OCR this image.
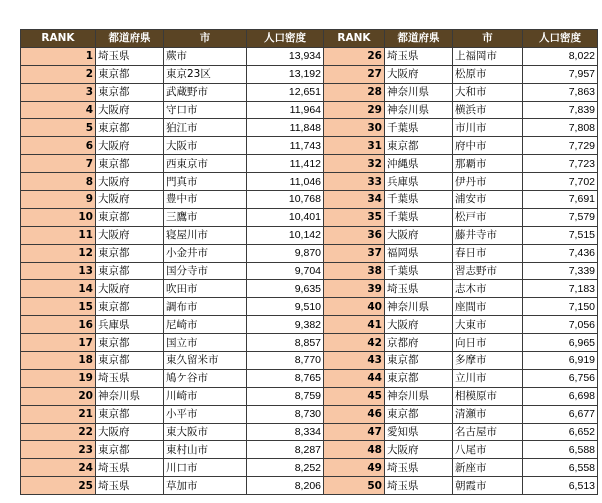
RANK	都道府県	市	人口密度	RANK	都道府県	市	人口密度
1	埼玉県	蕨市	13,934	26	埼玉県	上福岡市	8,022
2	東京都	東京23区	13,192	27	大阪府	松原市	7,957
3	東京都	武蔵野市	12,651	28	神奈川県	大和市	7,863
4	大阪府	守口市	11,964	29	神奈川県	横浜市	7,839
5	東京都	狛江市	11,848	30	千葉県	市川市	7,808
6	大阪府	大阪市	11,743	31	東京都	府中市	7,729
7	東京都	西東京市	11,412	32	沖縄県	那覇市	7,723
8	大阪府	門真市	11,046	33	兵庫県	伊丹市	7,702
9	大阪府	豊中市	10,768	34	千葉県	浦安市	7,691
10	東京都	三鷹市	10,401	35	千葉県	松戸市	7,579
11	大阪府	寝屋川市	10,142	36	大阪府	藤井寺市	7,515
12	東京都	小金井市	9,870	37	福岡県	春日市	7,436
13	東京都	国分寺市	9,704	38	千葉県	習志野市	7,339
14	大阪府	吹田市	9,635	39	埼玉県	志木市	7,183
15	東京都	調布市	9,510	40	神奈川県	座間市	7,150
16	兵庫県	尼崎市	9,382	41	大阪府	大東市	7,056
17	東京都	国立市	8,857	42	京都府	向日市	6,965
18	東京都	東久留米市	8,770	43	東京都	多摩市	6,919
19	埼玉県	鳩ケ谷市	8,765	44	東京都	立川市	6,756
20	神奈川県	川崎市	8,759	45	神奈川県	相模原市	6,698
21	東京都	小平市	8,730	46	東京都	清瀬市	6,677
22	大阪府	東大阪市	8,334	47	愛知県	名古屋市	6,652
23	東京都	東村山市	8,287	48	大阪府	八尾市	6,588
24	埼玉県	川口市	8,252	49	埼玉県	新座市	6,558
25	埼玉県	草加市	8,206	50	埼玉県	朝霞市	6,513
